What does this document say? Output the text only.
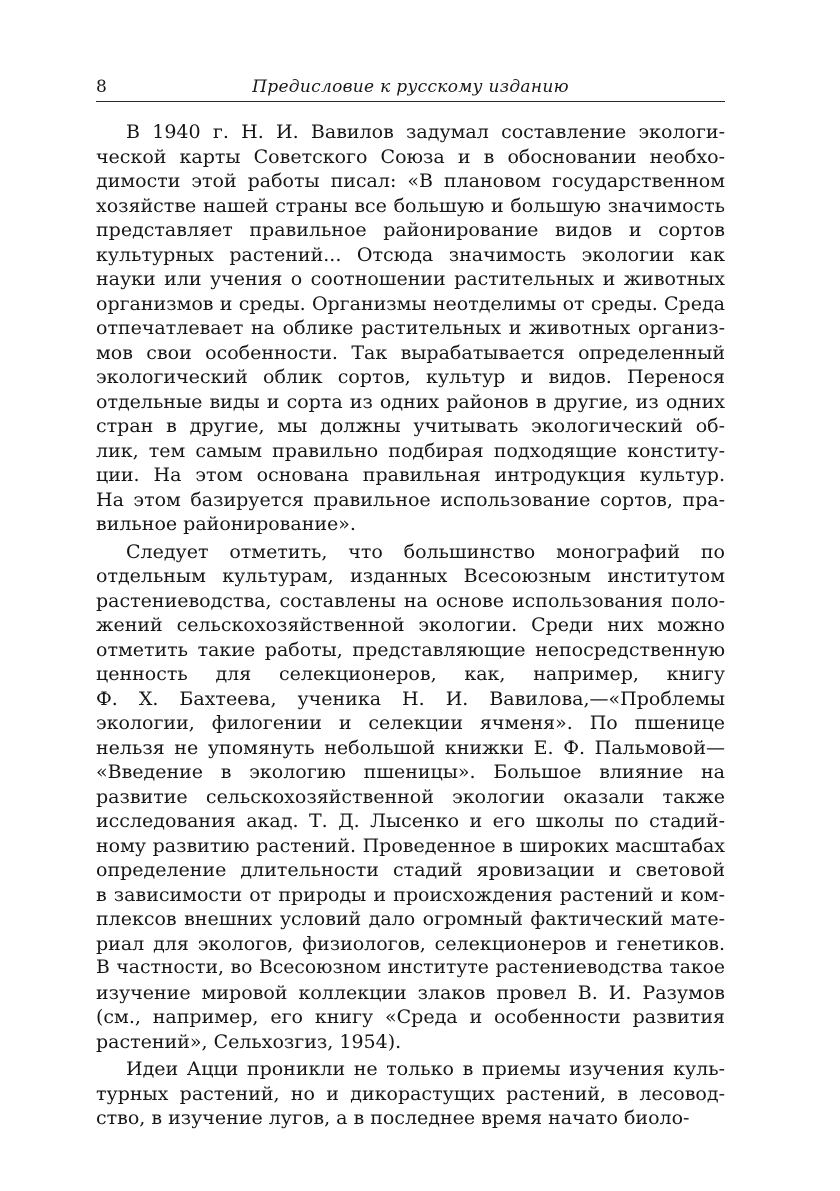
8	Предисловие к русскому изданию
В 1940 г. Н. И. Вавилов задумал составление экологи-
ческой карты Советского Союза и в обосновании необхо-
димости этой работы писал: «В плановом государственном
хозяйстве нашей страны все большую и большую значимость
представляет правильное районирование видов и сортов
культурных растений... Отсюда значимость экологии как
науки или учения о соотношении растительных и животных
организмов и среды. Организмы неотделимы от среды. Среда
отпечатлевает на облике растительных и животных организ-
мов свои особенности. Так вырабатывается определенный
экологический облик сортов, культур и видов. Перенося
отдельные виды и сорта из одних районов в другие, из одних
стран в другие, мы должны учитывать экологический об-
лик, тем самым правильно подбирая подходящие конститу-
ции. На этом основана правильная интродукция культур.
На этом базируется правильное использование сортов, пра-
вильное районирование».
Следует отметить, что большинство монографий по
отдельным культурам, изданных Всесоюзным институтом
растениеводства, составлены на основе использования поло-
жений сельскохозяйственной экологии. Среди них можно
отметить такие работы, представляющие непосредственную
ценность для селекционеров, как, например, книгу
Ф. Х. Бахтеева, ученика Н. И. Вавилова,—«Проблемы
экологии, филогении и селекции ячменя». По пшенице
нельзя не упомянуть небольшой книжки Е. Ф. Пальмовой—
«Введение в экологию пшеницы». Большое влияние на
развитие сельскохозяйственной экологии оказали также
исследования акад. Т. Д. Лысенко и его школы по стадий-
ному развитию растений. Проведенное в широких масштабах
определение длительности стадий яровизации и световой
в зависимости от природы и происхождения растений и ком-
плексов внешних условий дало огромный фактический мате-
риал для экологов, физиологов, селекционеров и генетиков.
В частности, во Всесоюзном институте растениеводства такое
изучение мировой коллекции злаков провел В. И. Разумов
(см., например, его книгу «Среда и особенности развития
растений», Сельхозгиз, 1954).
Идеи Ацци проникли не только в приемы изучения куль-
турных растений, но и дикорастущих растений, в лесовод-
ство, в изучение лугов, а в последнее время начато биоло-
